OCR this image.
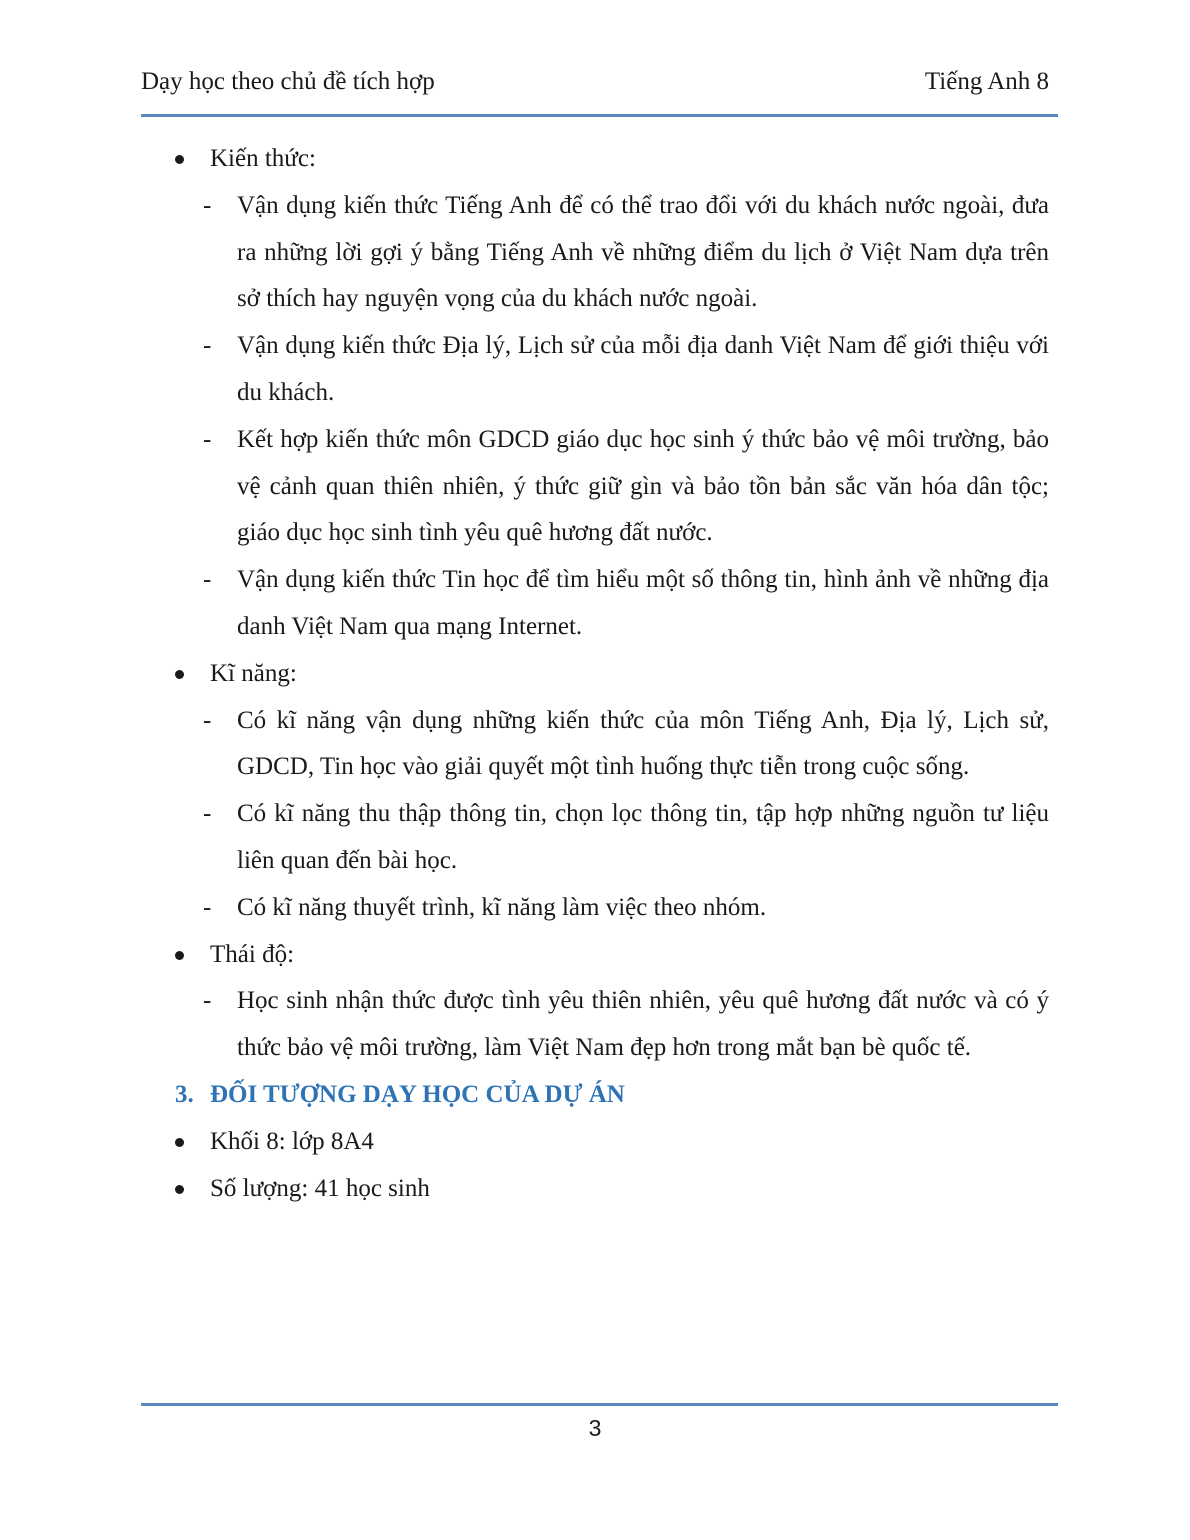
Dạy học theo chủ đề tích hợp	Tiếng Anh 8
Kiến thức:
- Vận dụng kiến thức Tiếng Anh để có thể trao đổi với du khách nước ngoài, đưa ra những lời gợi ý bằng Tiếng Anh về những điểm du lịch ở Việt Nam dựa trên sở thích hay nguyện vọng của du khách nước ngoài.
- Vận dụng kiến thức Địa lý, Lịch sử của mỗi địa danh Việt Nam để giới thiệu với du khách.
- Kết hợp kiến thức môn GDCD giáo dục học sinh ý thức bảo vệ môi trường, bảo vệ cảnh quan thiên nhiên, ý thức giữ gìn và bảo tồn bản sắc văn hóa dân tộc; giáo dục học sinh tình yêu quê hương đất nước.
- Vận dụng kiến thức Tin học để tìm hiểu một số thông tin, hình ảnh về những địa danh Việt Nam qua mạng Internet.
Kĩ năng:
- Có kĩ năng vận dụng những kiến thức của môn Tiếng Anh, Địa lý, Lịch sử, GDCD, Tin học vào giải quyết một tình huống thực tiễn trong cuộc sống.
- Có kĩ năng thu thập thông tin, chọn lọc thông tin, tập hợp những nguồn tư liệu liên quan đến bài học.
- Có kĩ năng thuyết trình, kĩ năng làm việc theo nhóm.
Thái độ:
- Học sinh nhận thức được tình yêu thiên nhiên, yêu quê hương đất nước và có ý thức bảo vệ môi trường, làm Việt Nam đẹp hơn trong mắt bạn bè quốc tế.
3. ĐỐI TƯỢNG DẠY HỌC CỦA DỰ ÁN
Khối 8: lớp 8A4
Số lượng: 41 học sinh
3
